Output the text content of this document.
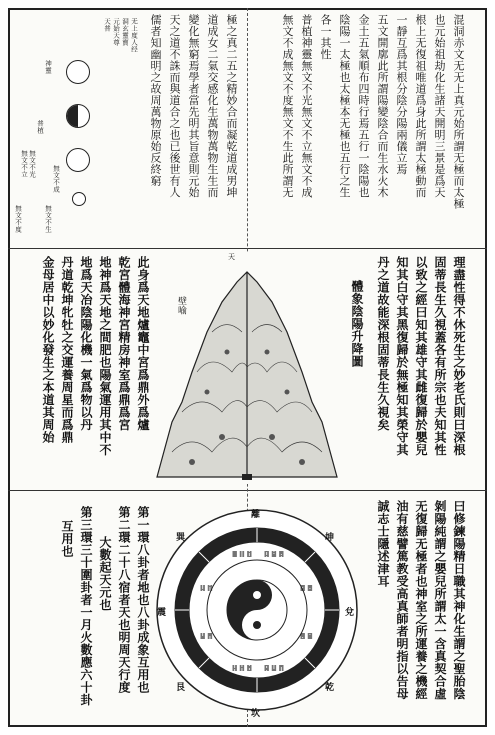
混洞赤文无无上真元始所謂无極而太極
也元始祖劫化生諸天開明三景是爲天
根上无復祖唯道爲身此所謂太極動而
一靜互爲其根分陰分陽兩儀立焉
五文開廓此所謂陽變陰合而生水火木
金土五氣順布四時行焉五行一陰陽也
陰陽一太極也太極本无極也五行之生
各一其性
普植神靈無文不光無文不立無文不成
無文不成無文不度無文不生此所謂无
極之真二五之精妙合而凝乾道成男坤
道成女二氣交感化生萬物萬物生生而
變化無窮焉學者當先明其旨意則元始
天之道不誅而與道合之也已後世有人
儒者知幽明之故周萬物原始反終窮
无上度人经
洞玄靈寶
元始天尊
天普
神靈
普植
無文不光
無文不立
無文不成
無文不度	無文不生
理盡性得不休死生之妙老氏則曰深根
固蒂長生久視蓋各有所宗也夫知其性
以致之經曰知其雄守其雌復歸於嬰兒
知其白守其黑復歸於無極知其榮守其
丹之道故能深根固蒂長生久視矣
體象陰陽升降圖
天
壁喻
此身爲天地爐竈中宮爲鼎外爲爐
乾宮體海神宮精房神室爲鼎爲宮
地神爲天地之間肥也陽氣運用其中不
地爲天冶陰陽化機一氣爲物以丹
丹道乾坤牝牡之交運養周星而爲鼎
金母居中以妙化發生之本道其周始
曰修鍊陽精日職其神化生謂之聖胎陰
剝陽純謂之嬰兒所謂太一含真契合虛
无復歸无極者也神室之所運養之機經
油有慈譬篤教受高真師者明指以告母
誠志士隱述津耳
䷀ ䷁ ䷂ ䷃ ䷄ ䷅
䷆ ䷇	䷈ ䷉
䷊ ䷋	䷌ ䷍
䷎ ䷏ ䷐ ䷑ ䷒ ䷓
離
坎
震	兌
坤
乾
艮
巽
第一環八卦者地也八卦成象互用也
第二環二十八宿者天也明周天行度
大數起天元也
第三環三十圍卦者一月火數應六十卦
互用也
